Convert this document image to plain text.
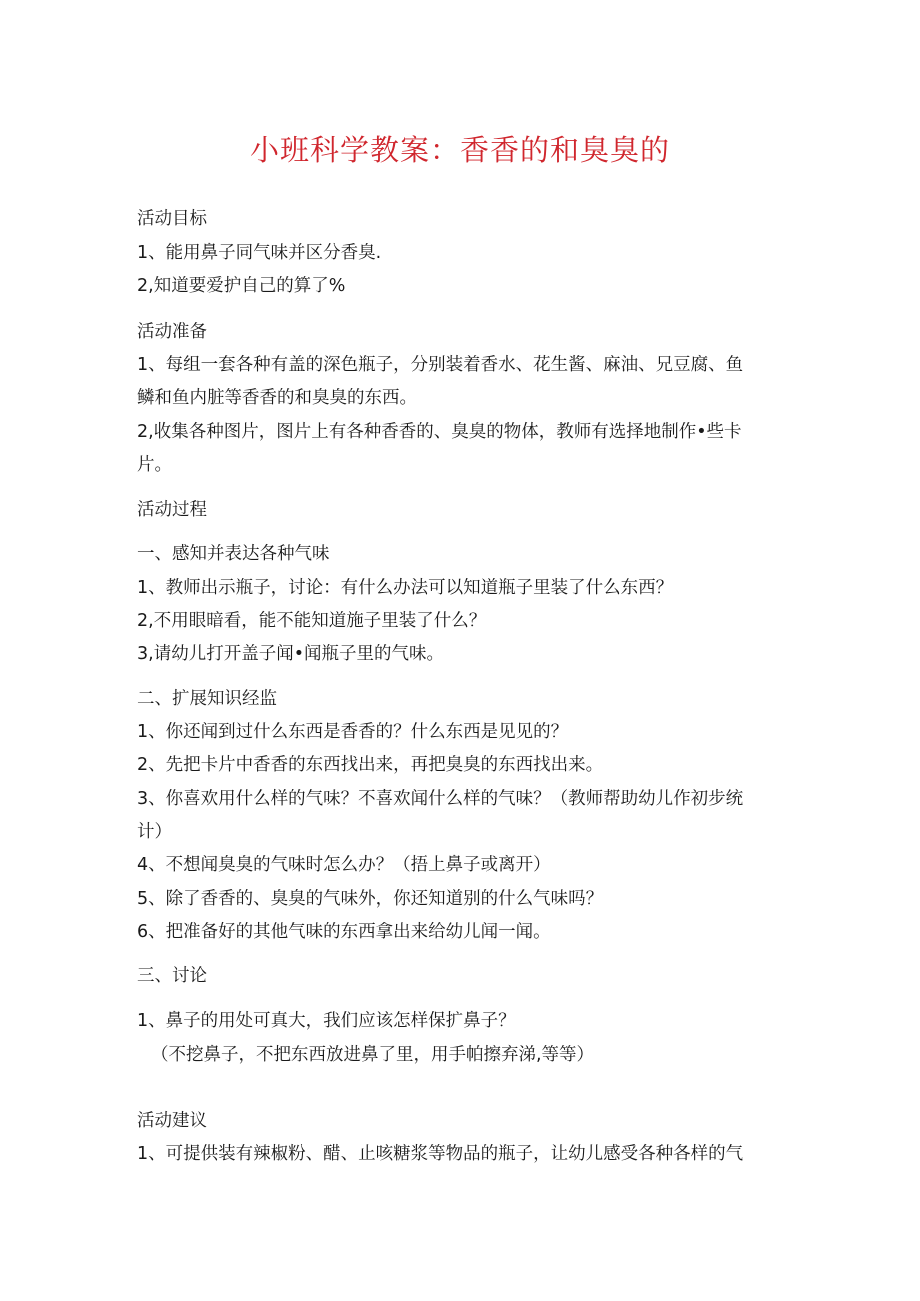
小班科学教案：香香的和臭臭的
活动目标
1、能用鼻子同气味并区分香臭.
2,知道要爱护自己的算了%
活动准备
1、每组一套各种有盖的深色瓶子，分别装着香水、花生酱、麻油、兄豆腐、鱼
鳞和鱼内脏等香香的和臭臭的东西。
2,收集各种图片，图片上有各种香香的、臭臭的物体，教师有选择地制作•些卡
片。
活动过程
一、感知并表达各种气味
1、教师出示瓶子，讨论：有什么办法可以知道瓶子里装了什么东西？
2,不用眼暗看，能不能知道施子里装了什么？
3,请幼儿打开盖子闻•闻瓶子里的气味。
二、扩展知识经监
1、你还闻到过什么东西是香香的？什么东西是见见的？
2、先把卡片中香香的东西找出来，再把臭臭的东西找出来。
3、你喜欢用什么样的气味？不喜欢闻什么样的气味？（教师帮助幼儿作初步统
计）
4、不想闻臭臭的气味时怎么办？（捂上鼻子或离开）
5、除了香香的、臭臭的气味外，你还知道别的什么气味吗？
6、把准备好的其他气味的东西拿出来给幼儿闻一闻。
三、讨论
1、鼻子的用处可真大，我们应该怎样保扩鼻子？
（不挖鼻子，不把东西放进鼻了里，用手帕擦弃涕,等等）
活动建议
1、可提供装有辣椒粉、醋、止咳糖浆等物品的瓶子，让幼儿感受各种各样的气
